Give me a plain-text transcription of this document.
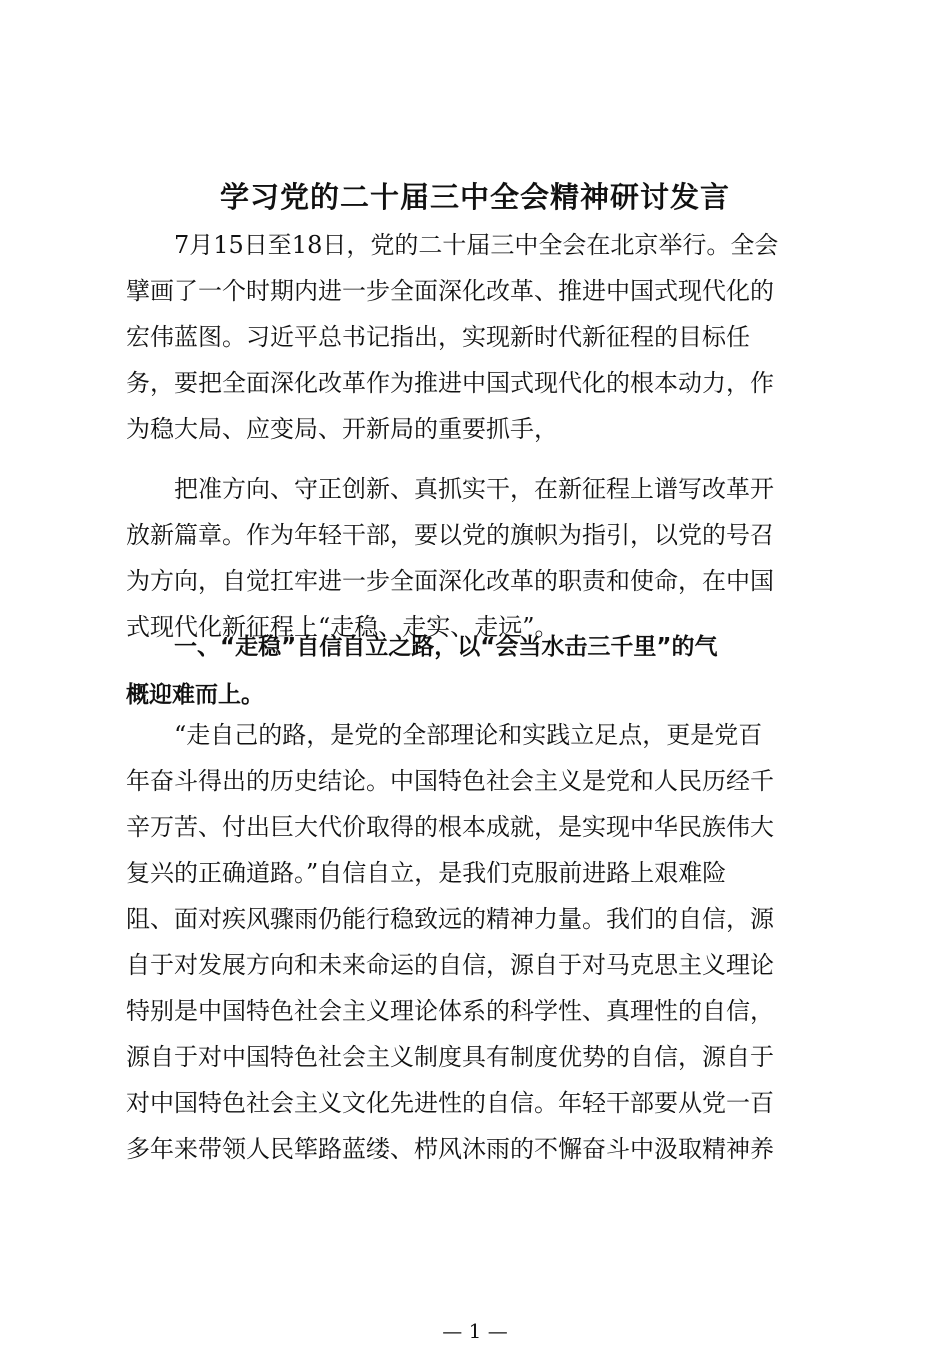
学习党的二十届三中全会精神研讨发言
7月15日至18日，党的二十届三中全会在北京举行。全会
擘画了一个时期内进一步全面深化改革、推进中国式现代化的
宏伟蓝图。习近平总书记指出，实现新时代新征程的目标任
务，要把全面深化改革作为推进中国式现代化的根本动力，作
为稳大局、应变局、开新局的重要抓手，
把准方向、守正创新、真抓实干，在新征程上谱写改革开
放新篇章。作为年轻干部，要以党的旗帜为指引，以党的号召
为方向，自觉扛牢进一步全面深化改革的职责和使命，在中国
式现代化新征程上“走稳、走实、走远”。
一、“走稳”自信自立之路，以“会当水击三千里”的气
概迎难而上。
“走自己的路，是党的全部理论和实践立足点，更是党百
年奋斗得出的历史结论。中国特色社会主义是党和人民历经千
辛万苦、付出巨大代价取得的根本成就，是实现中华民族伟大
复兴的正确道路。”自信自立，是我们克服前进路上艰难险
阻、面对疾风骤雨仍能行稳致远的精神力量。我们的自信，源
自于对发展方向和未来命运的自信，源自于对马克思主义理论
特别是中国特色社会主义理论体系的科学性、真理性的自信，
源自于对中国特色社会主义制度具有制度优势的自信，源自于
对中国特色社会主义文化先进性的自信。年轻干部要从党一百
多年来带领人民筚路蓝缕、栉风沐雨的不懈奋斗中汲取精神养
— 1 —
